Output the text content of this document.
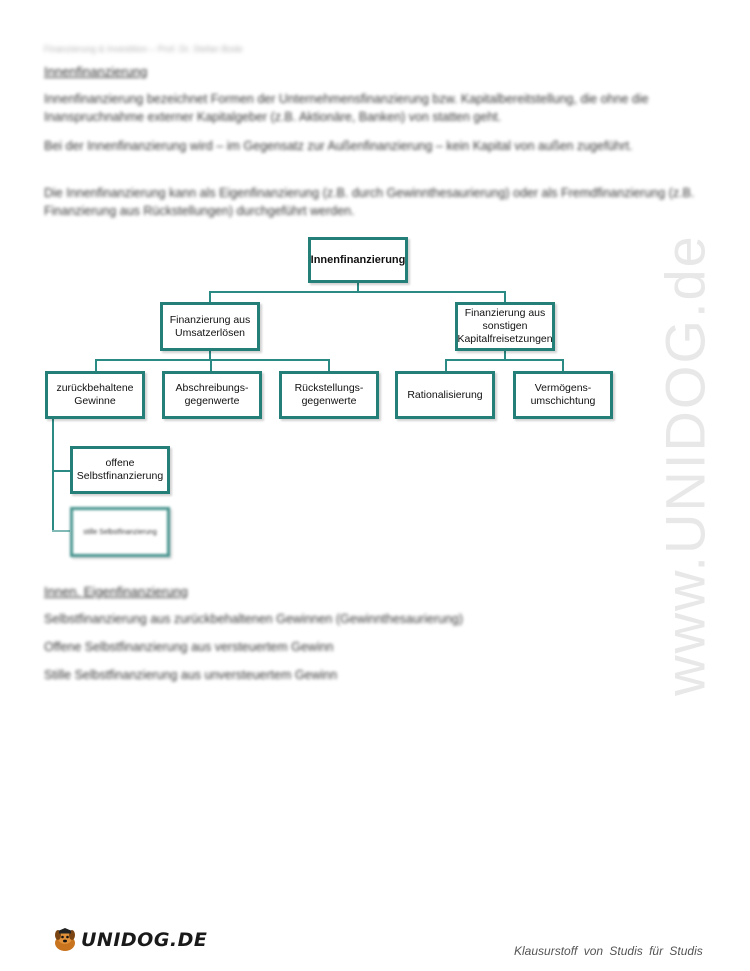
Finanzierung & Investition – Prof. Dr. Stefan Bode
Innenfinanzierung
Innenfinanzierung bezeichnet Formen der Unternehmensfinanzierung bzw. Kapitalbereitstellung, die ohne die Inanspruchnahme externer Kapitalgeber (z.B. Aktionäre, Banken) von statten geht.
Bei der Innenfinanzierung wird – im Gegensatz zur Außenfinanzierung – kein Kapital von außen zugeführt.
Die Innenfinanzierung kann als Eigenfinanzierung (z.B. durch Gewinnthesaurierung) oder als Fremdfinanzierung (z.B. Finanzierung aus Rückstellungen) durchgeführt werden.
www.UNIDOG.de
Innenfinanzierung
Finanzierung aus Umsatzerlösen
Finanzierung aus sonstigen Kapitalfreisetzungen
zurückbehaltene Gewinne
Abschreibungs-gegenwerte
Rückstellungs-gegenwerte
Rationalisierung
Vermögens-umschichtung
offene Selbstfinanzierung
stille Selbstfinanzierung
Innen. Eigenfinanzierung
Selbstfinanzierung aus zurückbehaltenen Gewinnen (Gewinnthesaurierung)
Offene Selbstfinanzierung aus versteuertem Gewinn
Stille Selbstfinanzierung aus unversteuertem Gewinn
UNIDOG.DE	Klausurstoff von Studis für Studis
